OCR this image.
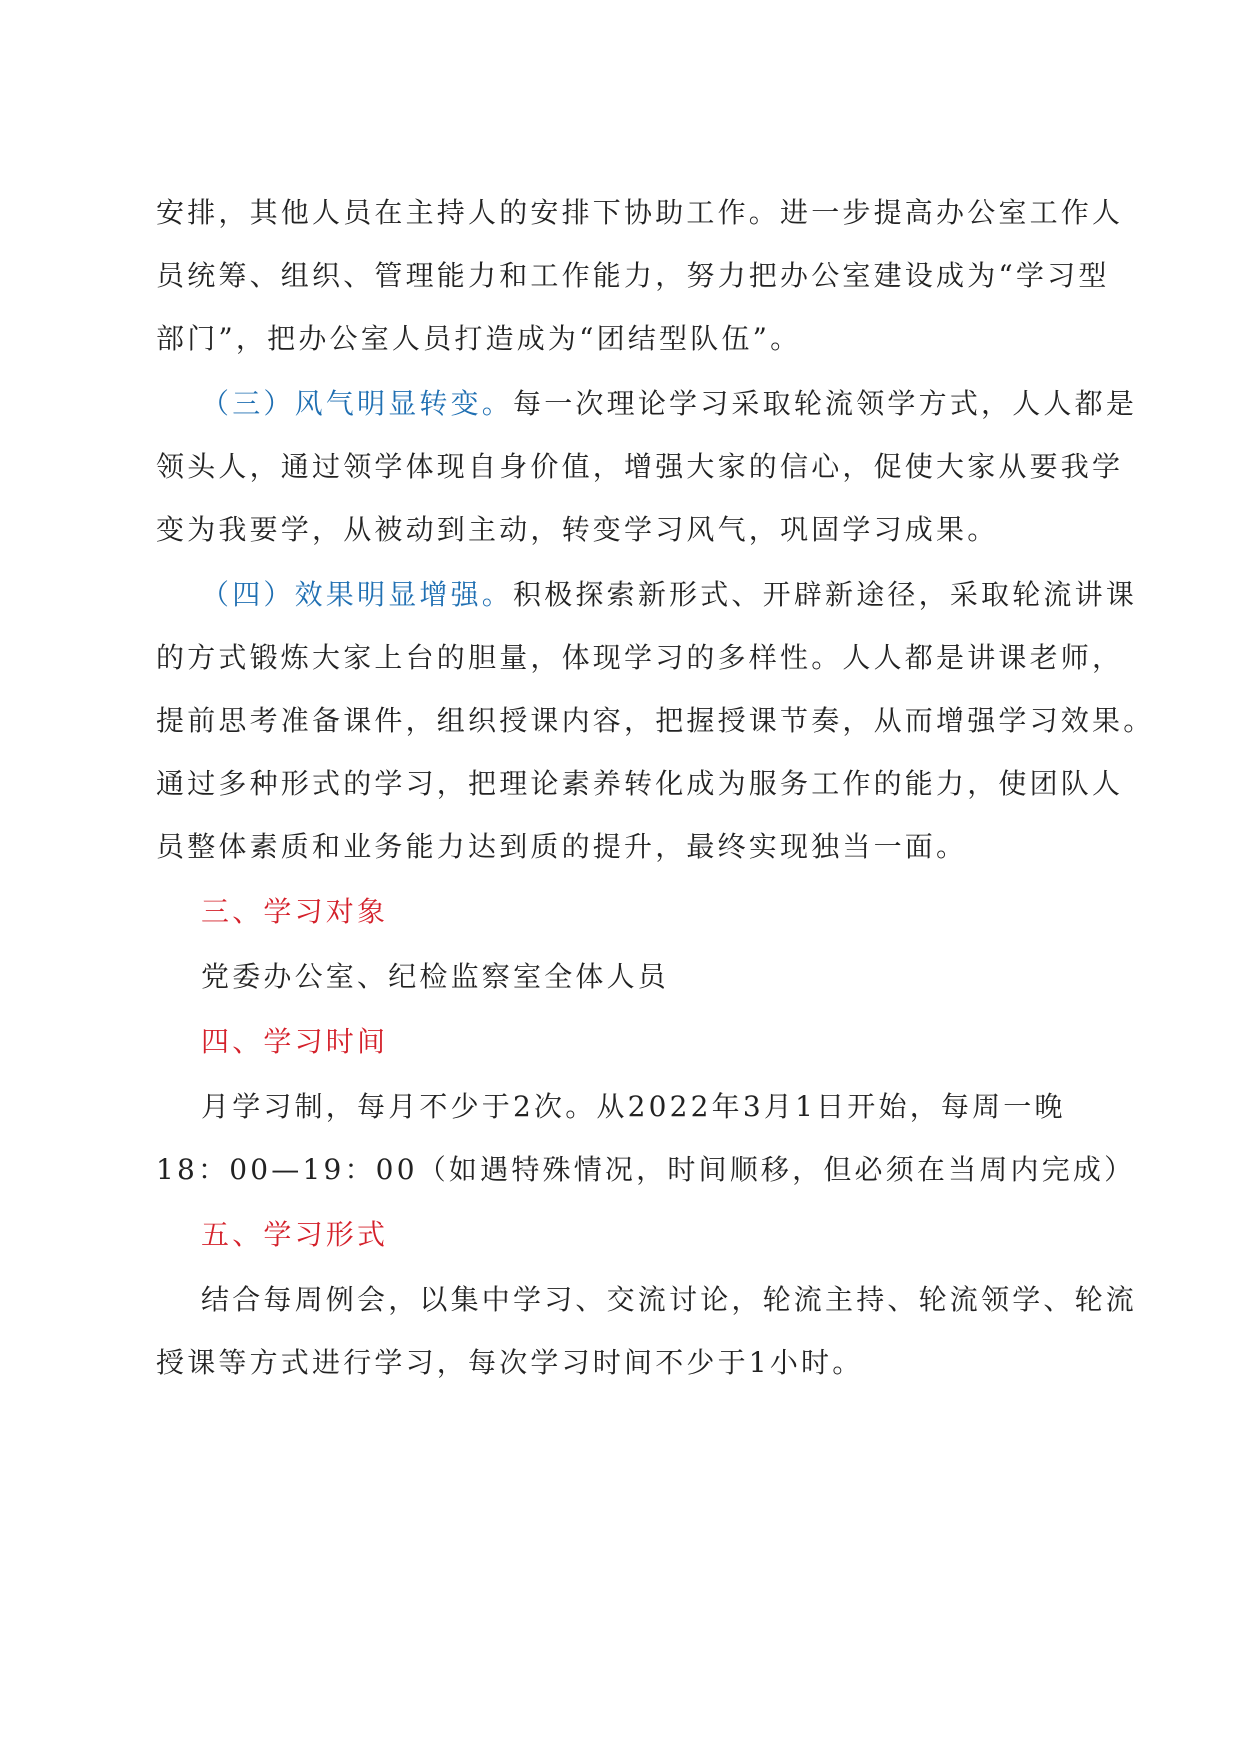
安排，其他人员在主持人的安排下协助工作。进一步提高办公室工作人
员统筹、组织、管理能力和工作能力，努力把办公室建设成为“学习型
部门”，把办公室人员打造成为“团结型队伍”。
（三）风气明显转变。每一次理论学习采取轮流领学方式，人人都是
领头人，通过领学体现自身价值，增强大家的信心，促使大家从要我学
变为我要学，从被动到主动，转变学习风气，巩固学习成果。
（四）效果明显增强。积极探索新形式、开辟新途径，采取轮流讲课
的方式锻炼大家上台的胆量，体现学习的多样性。人人都是讲课老师，
提前思考准备课件，组织授课内容，把握授课节奏，从而增强学习效果。
通过多种形式的学习，把理论素养转化成为服务工作的能力，使团队人
员整体素质和业务能力达到质的提升，最终实现独当一面。
三、学习对象
党委办公室、纪检监察室全体人员
四、学习时间
月学习制，每月不少于2次。从2022年3月1日开始，每周一晚
18：00—19：00（如遇特殊情况，时间顺移，但必须在当周内完成）
五、学习形式
结合每周例会，以集中学习、交流讨论，轮流主持、轮流领学、轮流
授课等方式进行学习，每次学习时间不少于1小时。
